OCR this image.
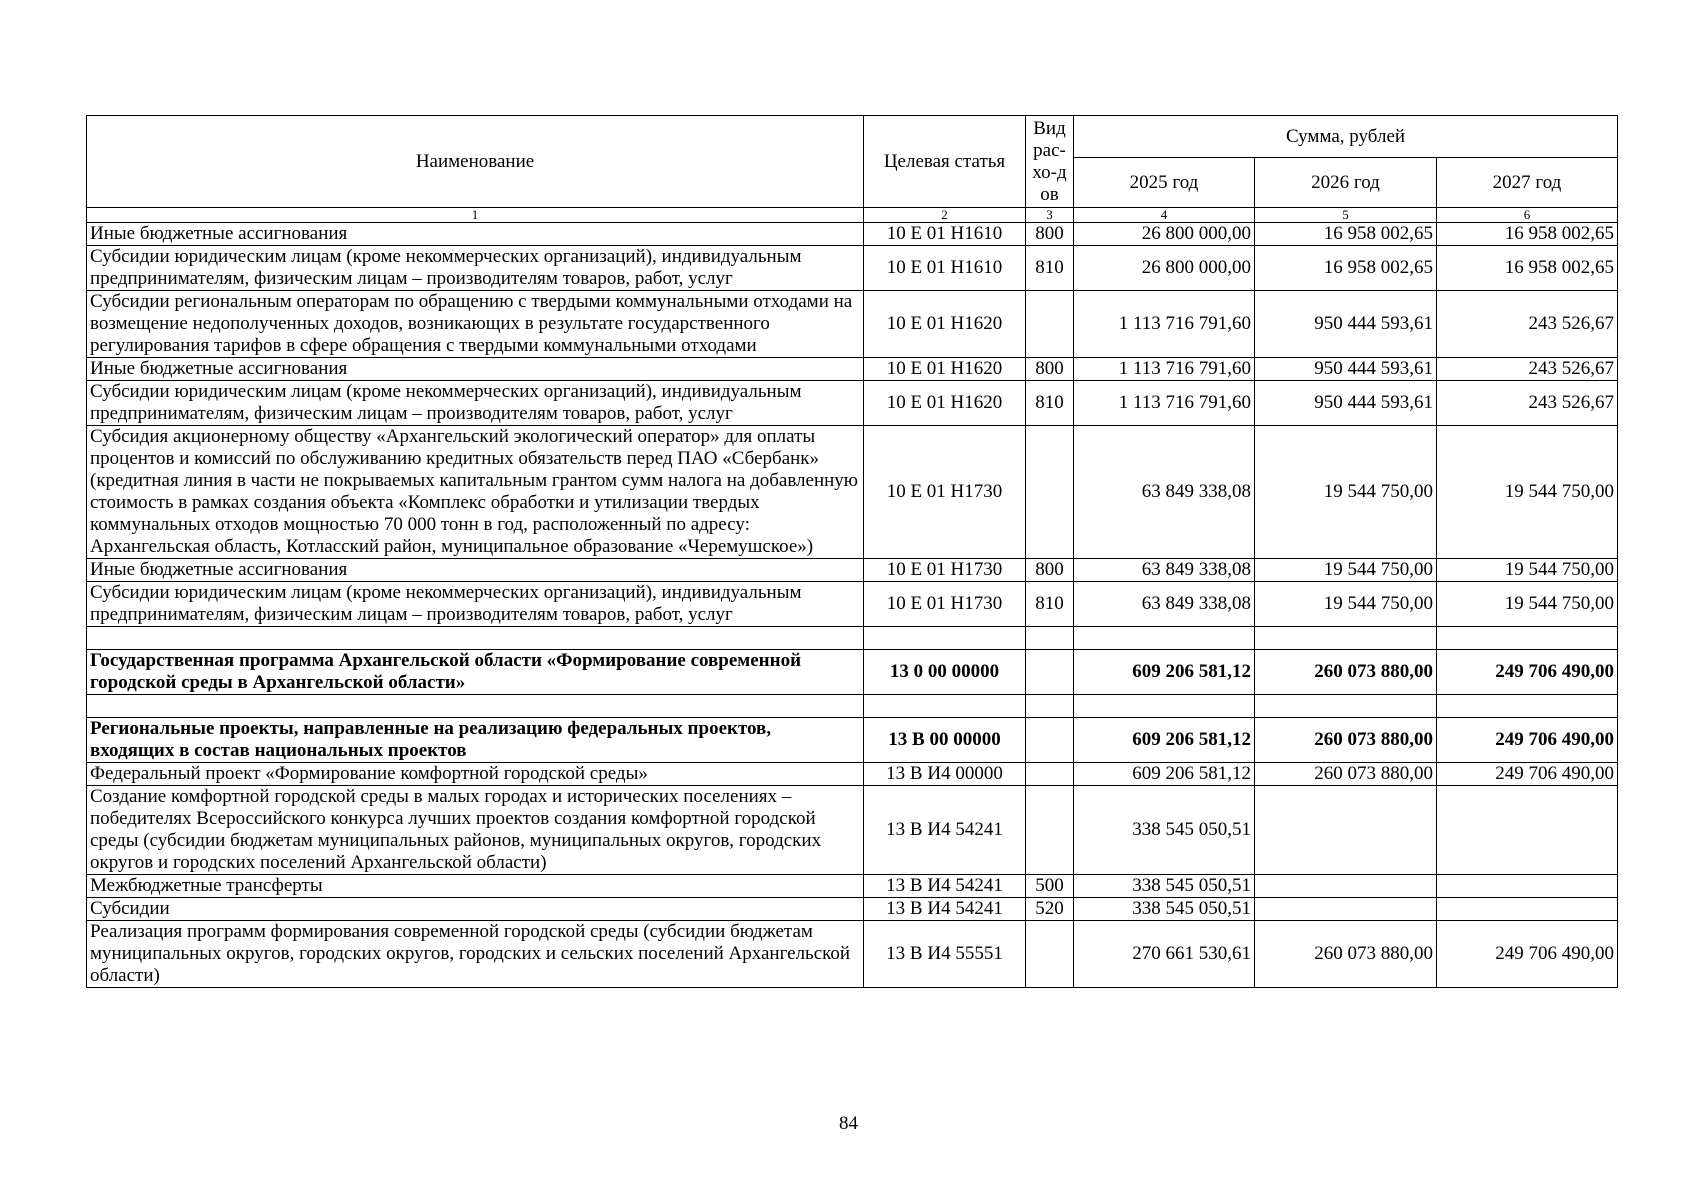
Наименование	Целевая статья	Вид рас-хо-дов	Сумма, рублей		
			2025 год	2026 год	2027 год
1	2	3	4	5	6
Иные бюджетные ассигнования	10 Е 01 Н1610	800	26 800 000,00	16 958 002,65	16 958 002,65
Субсидии юридическим лицам (кроме некоммерческих организаций), индивидуальным предпринимателям, физическим лицам – производителям товаров, работ, услуг	10 Е 01 Н1610	810	26 800 000,00	16 958 002,65	16 958 002,65
Субсидии региональным операторам по обращению с твердыми коммунальными отходами на возмещение недополученных доходов, возникающих в результате государственного регулирования тарифов в сфере обращения с твердыми коммунальными отходами	10 Е 01 Н1620		1 113 716 791,60	950 444 593,61	243 526,67
Иные бюджетные ассигнования	10 Е 01 Н1620	800	1 113 716 791,60	950 444 593,61	243 526,67
Субсидии юридическим лицам (кроме некоммерческих организаций), индивидуальным предпринимателям, физическим лицам – производителям товаров, работ, услуг	10 Е 01 Н1620	810	1 113 716 791,60	950 444 593,61	243 526,67
Субсидия акционерному обществу «Архангельский экологический оператор» для оплаты процентов и комиссий по обслуживанию кредитных обязательств перед ПАО «Сбербанк» (кредитная линия в части не покрываемых капитальным грантом сумм налога на добавленную стоимость в рамках создания объекта «Комплекс обработки и утилизации твердых коммунальных отходов мощностью 70 000 тонн в год, расположенный по адресу: Архангельская область, Котласский район, муниципальное образование «Черемушское»)	10 Е 01 Н1730		63 849 338,08	19 544 750,00	19 544 750,00
Иные бюджетные ассигнования	10 Е 01 Н1730	800	63 849 338,08	19 544 750,00	19 544 750,00
Субсидии юридическим лицам (кроме некоммерческих организаций), индивидуальным предпринимателям, физическим лицам – производителям товаров, работ, услуг	10 Е 01 Н1730	810	63 849 338,08	19 544 750,00	19 544 750,00

Государственная программа Архангельской области «Формирование современной городской среды в Архангельской области»	13 0 00 00000		609 206 581,12	260 073 880,00	249 706 490,00

Региональные проекты, направленные на реализацию федеральных проектов, входящих в состав национальных проектов	13 В 00 00000		609 206 581,12	260 073 880,00	249 706 490,00
Федеральный проект «Формирование комфортной городской среды»	13 В И4 00000		609 206 581,12	260 073 880,00	249 706 490,00
Создание комфортной городской среды в малых городах и исторических поселениях – победителях Всероссийского конкурса лучших проектов создания комфортной городской среды (субсидии бюджетам муниципальных районов, муниципальных округов, городских округов и городских поселений Архангельской области)	13 В И4 54241		338 545 050,51		
Межбюджетные трансферты	13 В И4 54241	500	338 545 050,51		
Субсидии	13 В И4 54241	520	338 545 050,51		
Реализация программ формирования современной городской среды (субсидии бюджетам муниципальных округов, городских округов, городских и сельских поселений Архангельской области)	13 В И4 55551		270 661 530,61	260 073 880,00	249 706 490,00
84
